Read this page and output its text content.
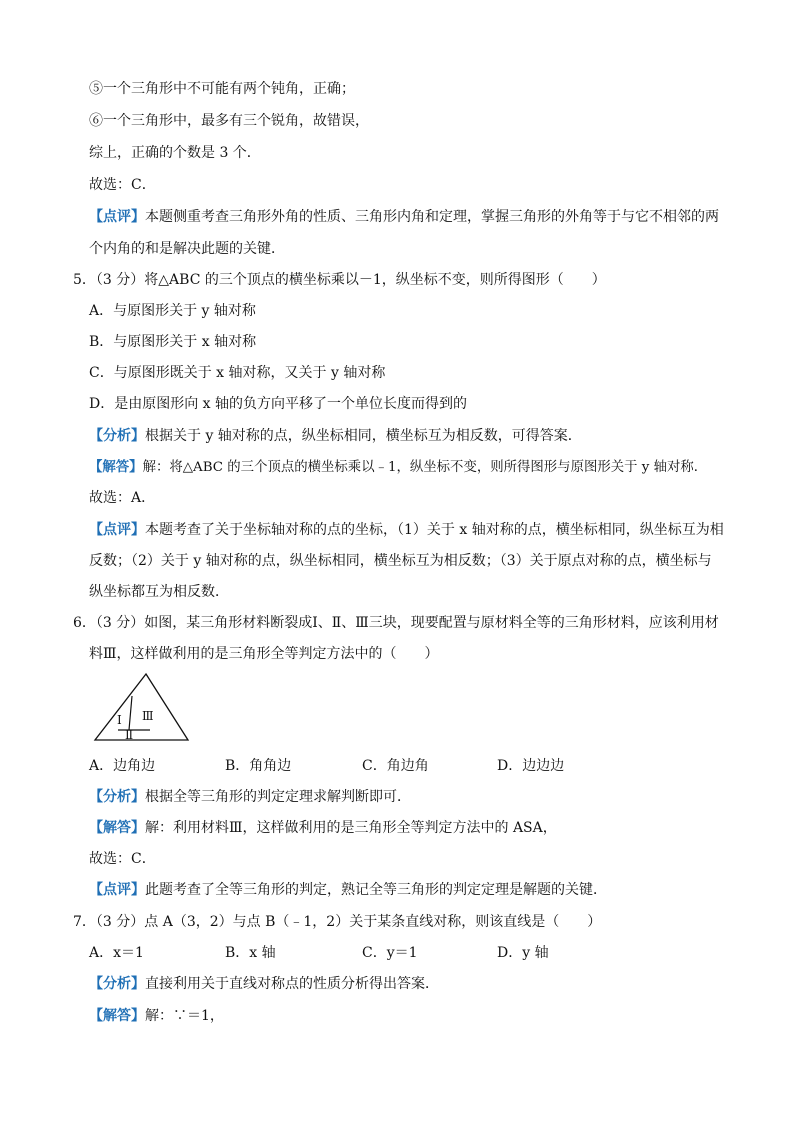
⑤一个三角形中不可能有两个钝角，正确；
⑥一个三角形中，最多有三个锐角，故错误，
综上，正确的个数是 3 个．
故选：C．
【点评】本题侧重考查三角形外角的性质、三角形内角和定理，掌握三角形的外角等于与它不相邻的两
个内角的和是解决此题的关键．
5．（3 分）将△ABC 的三个顶点的横坐标乘以－1，纵坐标不变，则所得图形（　　）
A．与原图形关于 y 轴对称
B．与原图形关于 x 轴对称
C．与原图形既关于 x 轴对称，又关于 y 轴对称
D．是由原图形向 x 轴的负方向平移了一个单位长度而得到的
【分析】根据关于 y 轴对称的点，纵坐标相同，横坐标互为相反数，可得答案．
【解答】解：将△ABC 的三个顶点的横坐标乘以﹣1，纵坐标不变，则所得图形与原图形关于 y 轴对称．
故选：A．
【点评】本题考查了关于坐标轴对称的点的坐标，（1）关于 x 轴对称的点，横坐标相同，纵坐标互为相
反数；（2）关于 y 轴对称的点，纵坐标相同，横坐标互为相反数；（3）关于原点对称的点，横坐标与
纵坐标都互为相反数．
6．（3 分）如图，某三角形材料断裂成Ⅰ、Ⅱ、Ⅲ三块，现要配置与原材料全等的三角形材料，应该利用材
料Ⅲ，这样做利用的是三角形全等判定方法中的（　　）
Ⅰ
Ⅱ
Ⅲ
A．边角边	B．角角边	C．角边角	D．边边边
【分析】根据全等三角形的判定定理求解判断即可．
【解答】解：利用材料Ⅲ，这样做利用的是三角形全等判定方法中的 ASA，
故选：C．
【点评】此题考查了全等三角形的判定，熟记全等三角形的判定定理是解题的关键．
7．（3 分）点 A（3，2）与点 B（﹣1，2）关于某条直线对称，则该直线是（　　）
A．x＝1	B．x 轴	C．y＝1	D．y 轴
【分析】直接利用关于直线对称点的性质分析得出答案．
【解答】解：∵＝1，
